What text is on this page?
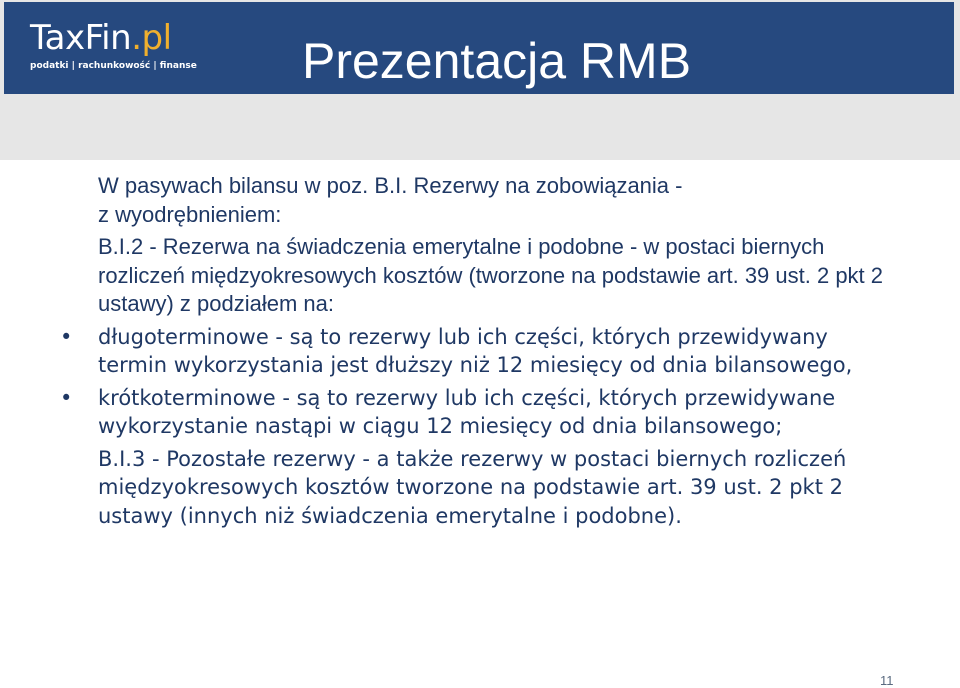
TaxFin.pl
podatki | rachunkowość | finanse Prezentacja RMB
W pasywach bilansu w poz. B.I. Rezerwy na zobowiązania -
z wyodrębnieniem:
B.I.2 - Rezerwa na świadczenia emerytalne i podobne - w postaci biernych rozliczeń międzyokresowych kosztów (tworzone na podstawie art. 39 ust. 2 pkt 2 ustawy) z podziałem na:
• długoterminowe - są to rezerwy lub ich części, których przewidywany termin wykorzystania jest dłuższy niż 12 miesięcy od dnia bilansowego,
• krótkoterminowe - są to rezerwy lub ich części, których przewidywane wykorzystanie nastąpi w ciągu 12 miesięcy od dnia bilansowego;
B.I.3 - Pozostałe rezerwy - a także rezerwy w postaci biernych rozliczeń międzyokresowych kosztów tworzone na podstawie art. 39 ust. 2 pkt 2 ustawy (innych niż świadczenia emerytalne i podobne).
11
